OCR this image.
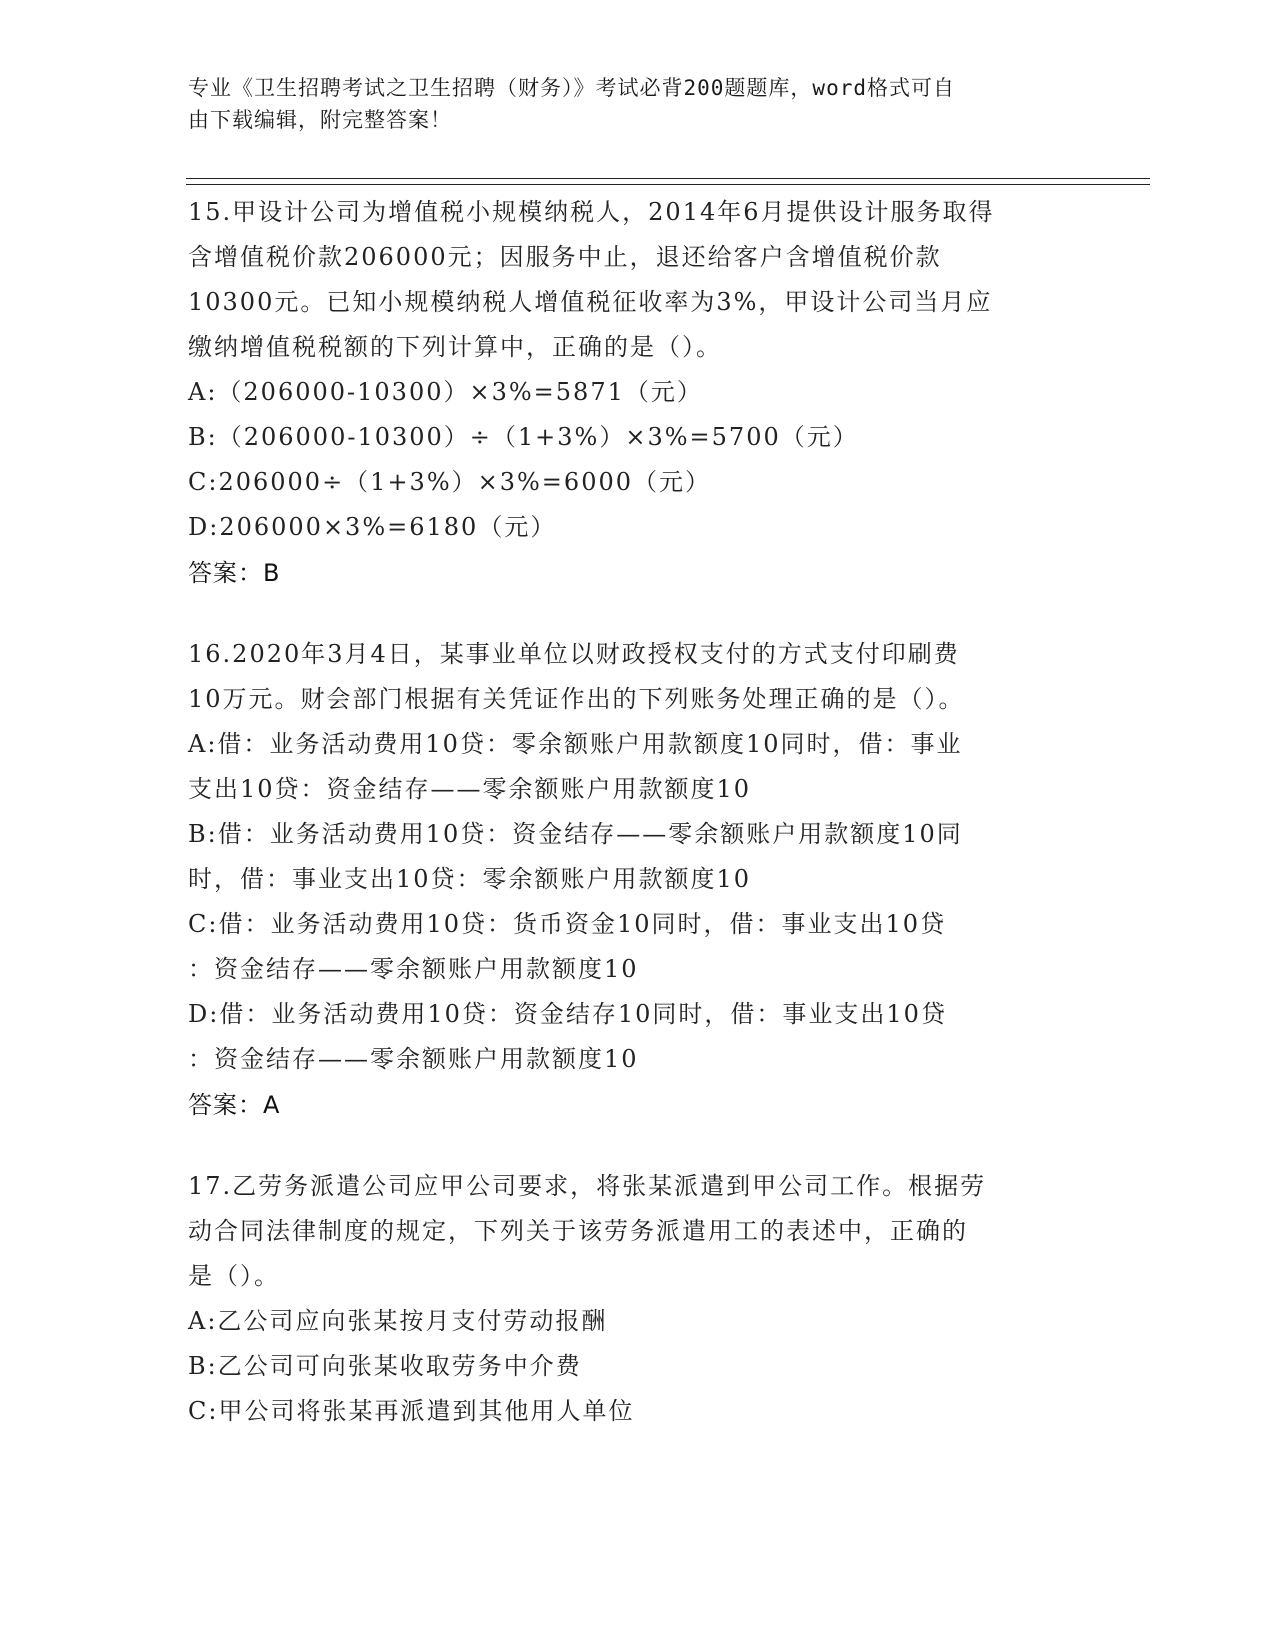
专业《卫生招聘考试之卫生招聘（财务）》考试必背200题题库，word格式可自
由下载编辑，附完整答案！
15.甲设计公司为增值税小规模纳税人，2014年6月提供设计服务取得
含增值税价款206000元；因服务中止，退还给客户含增值税价款
10300元。已知小规模纳税人增值税征收率为3%，甲设计公司当月应
缴纳增值税税额的下列计算中，正确的是（）。
A:（206000-10300）×3%=5871（元）
B:（206000-10300）÷（1+3%）×3%=5700（元）
C:206000÷（1+3%）×3%=6000（元）
D:206000×3%=6180（元）
答案：B
16.2020年3月4日，某事业单位以财政授权支付的方式支付印刷费
10万元。财会部门根据有关凭证作出的下列账务处理正确的是（）。
A:借：业务活动费用10贷：零余额账户用款额度10同时，借：事业
支出10贷：资金结存——零余额账户用款额度10
B:借：业务活动费用10贷：资金结存——零余额账户用款额度10同
时，借：事业支出10贷：零余额账户用款额度10
C:借：业务活动费用10贷：货币资金10同时，借：事业支出10贷
：资金结存——零余额账户用款额度10
D:借：业务活动费用10贷：资金结存10同时，借：事业支出10贷
：资金结存——零余额账户用款额度10
答案：A
17.乙劳务派遣公司应甲公司要求，将张某派遣到甲公司工作。根据劳
动合同法律制度的规定，下列关于该劳务派遣用工的表述中，正确的
是（）。
A:乙公司应向张某按月支付劳动报酬
B:乙公司可向张某收取劳务中介费
C:甲公司将张某再派遣到其他用人单位
